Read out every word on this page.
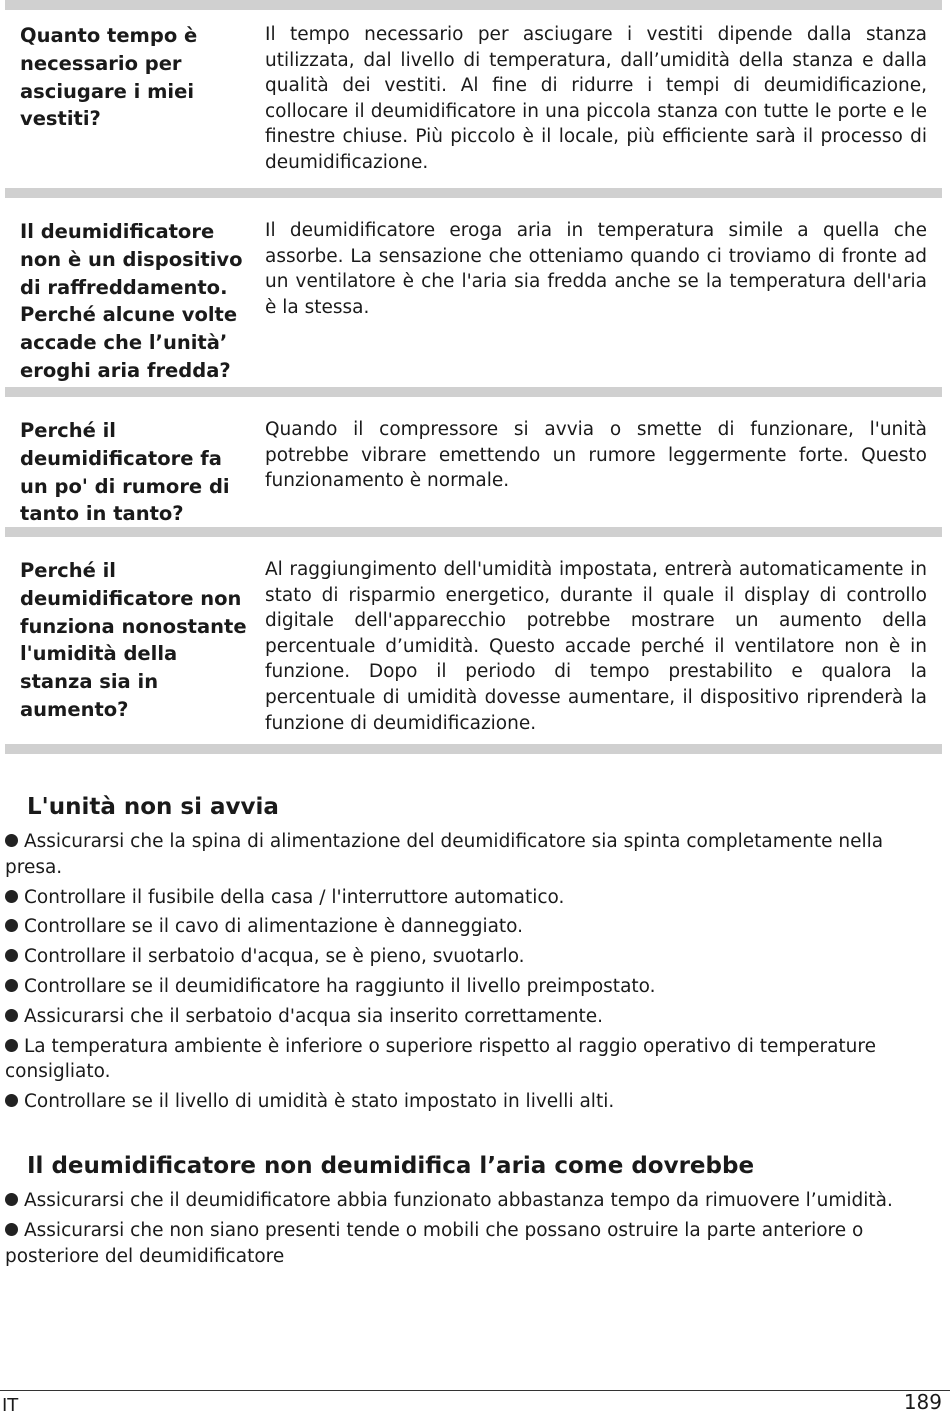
Quanto tempo è necessario per asciugare i miei vestiti?
Il tempo necessario per asciugare i vestiti dipende dalla stanza utilizzata, dal livello di temperatura, dall’umidità della stanza e dalla qualità dei vestiti. Al fine di ridurre i tempi di deumidificazione, collocare il deumidificatore in una piccola stanza con tutte le porte e le finestre chiuse. Più piccolo è il locale, più efficiente sarà il processo di deumidificazione.
Il deumidificatore non è un dispositivo di raffreddamento. Perché alcune volte accade che l’unità’ eroghi aria fredda?
Il deumidificatore eroga aria in temperatura simile a quella che assorbe. La sensazione che otteniamo quando ci troviamo di fronte ad un ventilatore è che l'aria sia fredda anche se la temperatura dell'aria è la stessa.
Perché il deumidificatore fa un po' di rumore di tanto in tanto?
Quando il compressore si avvia o smette di funzionare, l'unità potrebbe vibrare emettendo un rumore leggermente forte. Questo funzionamento è normale.
Perché il deumidificatore non funziona nonostante l'umidità della stanza sia in aumento?
Al raggiungimento dell'umidità impostata, entrerà automaticamente in stato di risparmio energetico, durante il quale il display di controllo digitale dell'apparecchio potrebbe mostrare un aumento della percentuale d’umidità. Questo accade perché il ventilatore non è in funzione. Dopo il periodo di tempo prestabilito e qualora la percentuale di umidità dovesse aumentare, il dispositivo riprenderà la funzione di deumidificazione.
L'unità non si avvia
Assicurarsi che la spina di alimentazione del deumidificatore sia spinta completamente nella presa.
Controllare il fusibile della casa / l'interruttore automatico.
Controllare se il cavo di alimentazione è danneggiato.
Controllare il serbatoio d'acqua, se è pieno, svuotarlo.
Controllare se il deumidificatore ha raggiunto il livello preimpostato.
Assicurarsi che il serbatoio d'acqua sia inserito correttamente.
La temperatura ambiente è inferiore o superiore rispetto al raggio operativo di temperature consigliato.
Controllare se il livello di umidità è stato impostato in livelli alti.
Il deumidificatore non deumidifica l’aria come dovrebbe
Assicurarsi che il deumidificatore abbia funzionato abbastanza tempo da rimuovere l’umidità.
Assicurarsi che non siano presenti tende o mobili che possano ostruire la parte anteriore o posteriore del deumidificatore
IT	189
